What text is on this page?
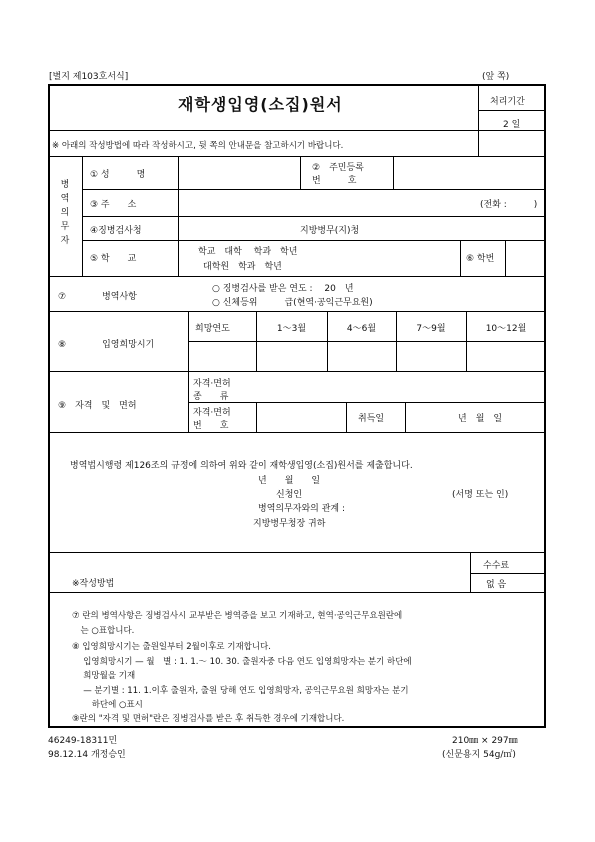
[별지 제103호서식]	(앞 쪽)
재학생입영(소집)원서	처리기간
2 일
※ 아래의 작성방법에 따라 작성하시고, 뒷 쪽의 안내문을 참고하시기 바랍니다.
병
역
의
무
자
① 성　　　명
②　주민등록
번　　　호
③ 주　　소	(전화 :　　　)
④징병검사청	지방병무(지)청
⑤ 학　　교
학교　대학　 학과　학년
대학원　학과　학년
⑥ 학번
⑦　　　　병역사항
○ 징병검사를 받은 연도 :　 20　년
○ 신체등위　　　급(현역·공익근무요원)
⑧　　　　입영희망시기
희망연도	1～3월	4～6월	7～9월	10～12월
⑨　자격　및　면허
자격·면허
종　　류
자격·면허
번　　호
취득일	년　월　일
병역법시행령 제126조의 규정에 의하여 위와 같이 재학생입영(소집)원서를 제출합니다.
년　　월　　일
신청인	(서명 또는 인)
병역의무자와의 관계 :
지방병무청장 귀하
수수료
없 음
※작성방법
⑦ 란의 병역사항은 징병검사시 교부받은 병역증을 보고 기재하고, 현역·공익근무요원란에
　는 ○표합니다.
⑧ 입영희망시기는 출원일부터 2월이후로 기재합니다.
　 입영희망시기 — 월　별 : 1. 1.～ 10. 30. 출원자중 다음 연도 입영희망자는 분기 하단에
　 희망월을 기재
　 — 분기별 : 11. 1.이후 출원자, 출원 당해 연도 입영희망자, 공익근무요원 희망자는 분기
　　 하단에 ○표시
⑨란의 "자격 및 면허"란은 징병검사를 받은 후 취득한 경우에 기재합니다.
46249-18311민
98.12.14 개정승인
210㎜ × 297㎜
(신문용지 54g/㎡)
